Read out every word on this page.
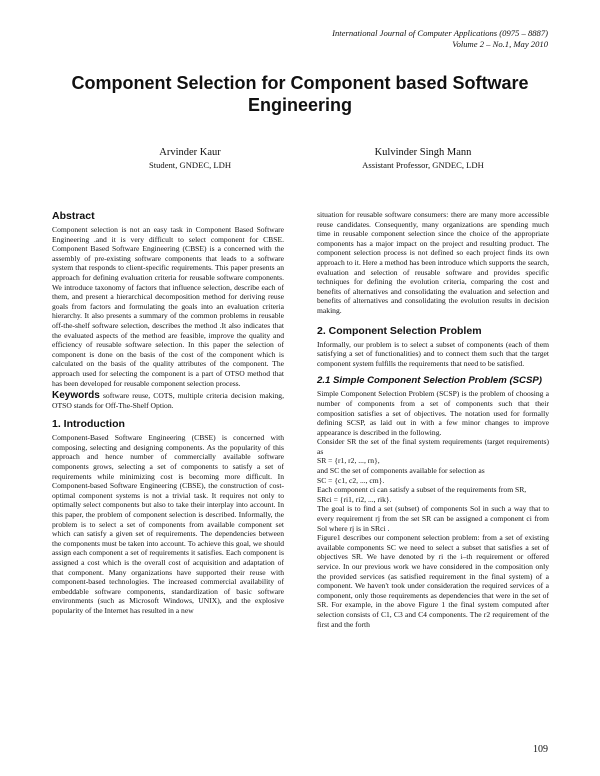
International Journal of Computer Applications (0975 – 8887)
Volume 2 – No.1, May 2010
Component Selection for Component based Software
Engineering
Arvinder Kaur
Student, GNDEC, LDH
Kulvinder Singh Mann
Assistant Professor, GNDEC, LDH
Abstract

Component selection is not an easy task in Component Based Software Engineering .and it is very difficult to select component for CBSE. Component Based Software Engineering (CBSE) is a concerned with the assembly of pre-existing software components that leads to a software system that responds to client-specific requirements. This paper presents an approach for defining evaluation criteria for reusable software components. We introduce taxonomy of factors that influence selection, describe each of them, and present a hierarchical decomposition method for deriving reuse goals from factors and formulating the goals into an evaluation criteria hierarchy. It also presents a summary of the common problems in reusable off-the-shelf software selection, describes the method .It also indicates that the evaluated aspects of the method are feasible, improve the quality and efficiency of reusable software selection. In this paper the selection of component is done on the basis of the cost of the component which is calculated on the basis of the quality attributes of the component. The approach used for selecting the component is a part of OTSO method that has been developed for reusable component selection process.

Keywords software reuse, COTS, multiple criteria decision making, OTSO stands for Off-The-Shelf Option.

1. Introduction

Component-Based Software Engineering (CBSE) is concerned with composing, selecting and designing components. As the popularity of this approach and hence number of commercially available software components grows, selecting a set of components to satisfy a set of requirements while minimizing cost is becoming more difficult. In Component-based Software Engineering (CBSE), the construction of cost-optimal component systems is not a trivial task. It requires not only to optimally select components but also to take their interplay into account. In this paper, the problem of component selection is described. Informally, the problem is to select a set of components from available component set which can satisfy a given set of requirements. The dependencies between the components must be taken into account. To achieve this goal, we should assign each component a set of requirements it satisfies. Each component is assigned a cost which is the overall cost of acquisition and adaptation of that component. Many organizations have supported their reuse with component-based technologies. The increased commercial availability of embeddable software components, standardization of basic software environments (such as Microsoft Windows, UNIX), and the explosive popularity of the Internet has resulted in a new

situation for reusable software consumers: there are many more accessible reuse candidates. Consequently, many organizations are spending much time in reusable component selection since the choice of the appropriate components has a major impact on the project and resulting product. The component selection process is not defined so each project finds its own approach to it. Here a method has been introduce which supports the search, evaluation and selection of reusable software and provides specific techniques for defining the evolution criteria, comparing the cost and benefits of alternatives and consolidating the evaluation and selection and benefits of alternatives and consolidating the evolution results in decision making.

2. Component Selection Problem

Informally, our problem is to select a subset of components (each of them satisfying a set of functionalities) and to connect them such that the target component system fulfills the requirements that need to be satisfied.

2.1 Simple Component Selection Problem (SCSP)

Simple Component Selection Problem (SCSP) is the problem of choosing a number of components from a set of components such that their composition satisfies a set of objectives. The notation used for formally defining SCSP, as laid out in with a few minor changes to improve appearance is described in the following.

Consider SR the set of the final system requirements (target requirements) as

SR = {r1, r2, ..., rn},

and SC the set of components available for selection as

SC = {c1, c2, ..., cm}.

Each component ci can satisfy a subset of the requirements from SR,

SRci = {ri1, ri2, ..., rik}.

The goal is to find a set (subset) of components Sol in such a way that to every requirement rj from the set SR can be assigned a component ci from Sol where rj is in SRci .

Figure1 describes our component selection problem: from a set of existing available components SC we need to select a subset that satisfies a set of objectives SR. We have denoted by ri the i–th requirement or offered service. In our previous work we have considered in the composition only the provided services (as satisfied requirement in the final system) of a component. We haven't took under consideration the required services of a component, only those requirements as dependencies that were in the set of SR. For example, in the above Figure 1 the final system computed after selection consists of C1, C3 and C4 components. The r2 requirement of the first and the forth

109
